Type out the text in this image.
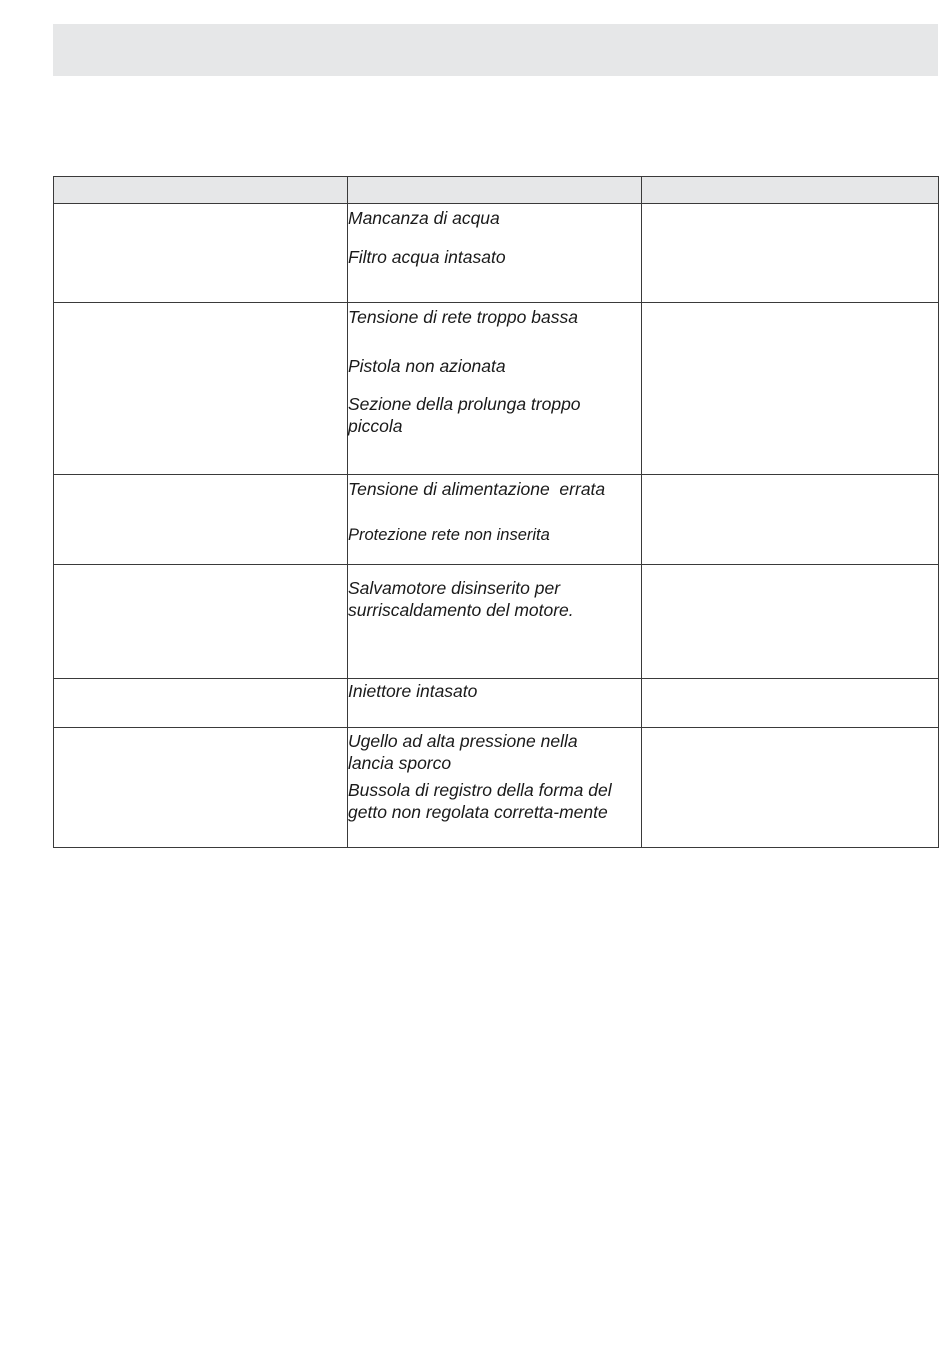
	Mancanza di acqua

Filtro acqua intasato	

	Tensione di rete troppo bassa

Pistola non azionata

Sezione della prolunga troppo piccola	

	Tensione di alimentazione  errata

Protezione rete non inserita	

	Salvamotore disinserito per surriscaldamento del motore.	

	Iniettore intasato	

	Ugello ad alta pressione nella lancia sporco

Bussola di registro della forma del getto non regolata corretta-mente	
